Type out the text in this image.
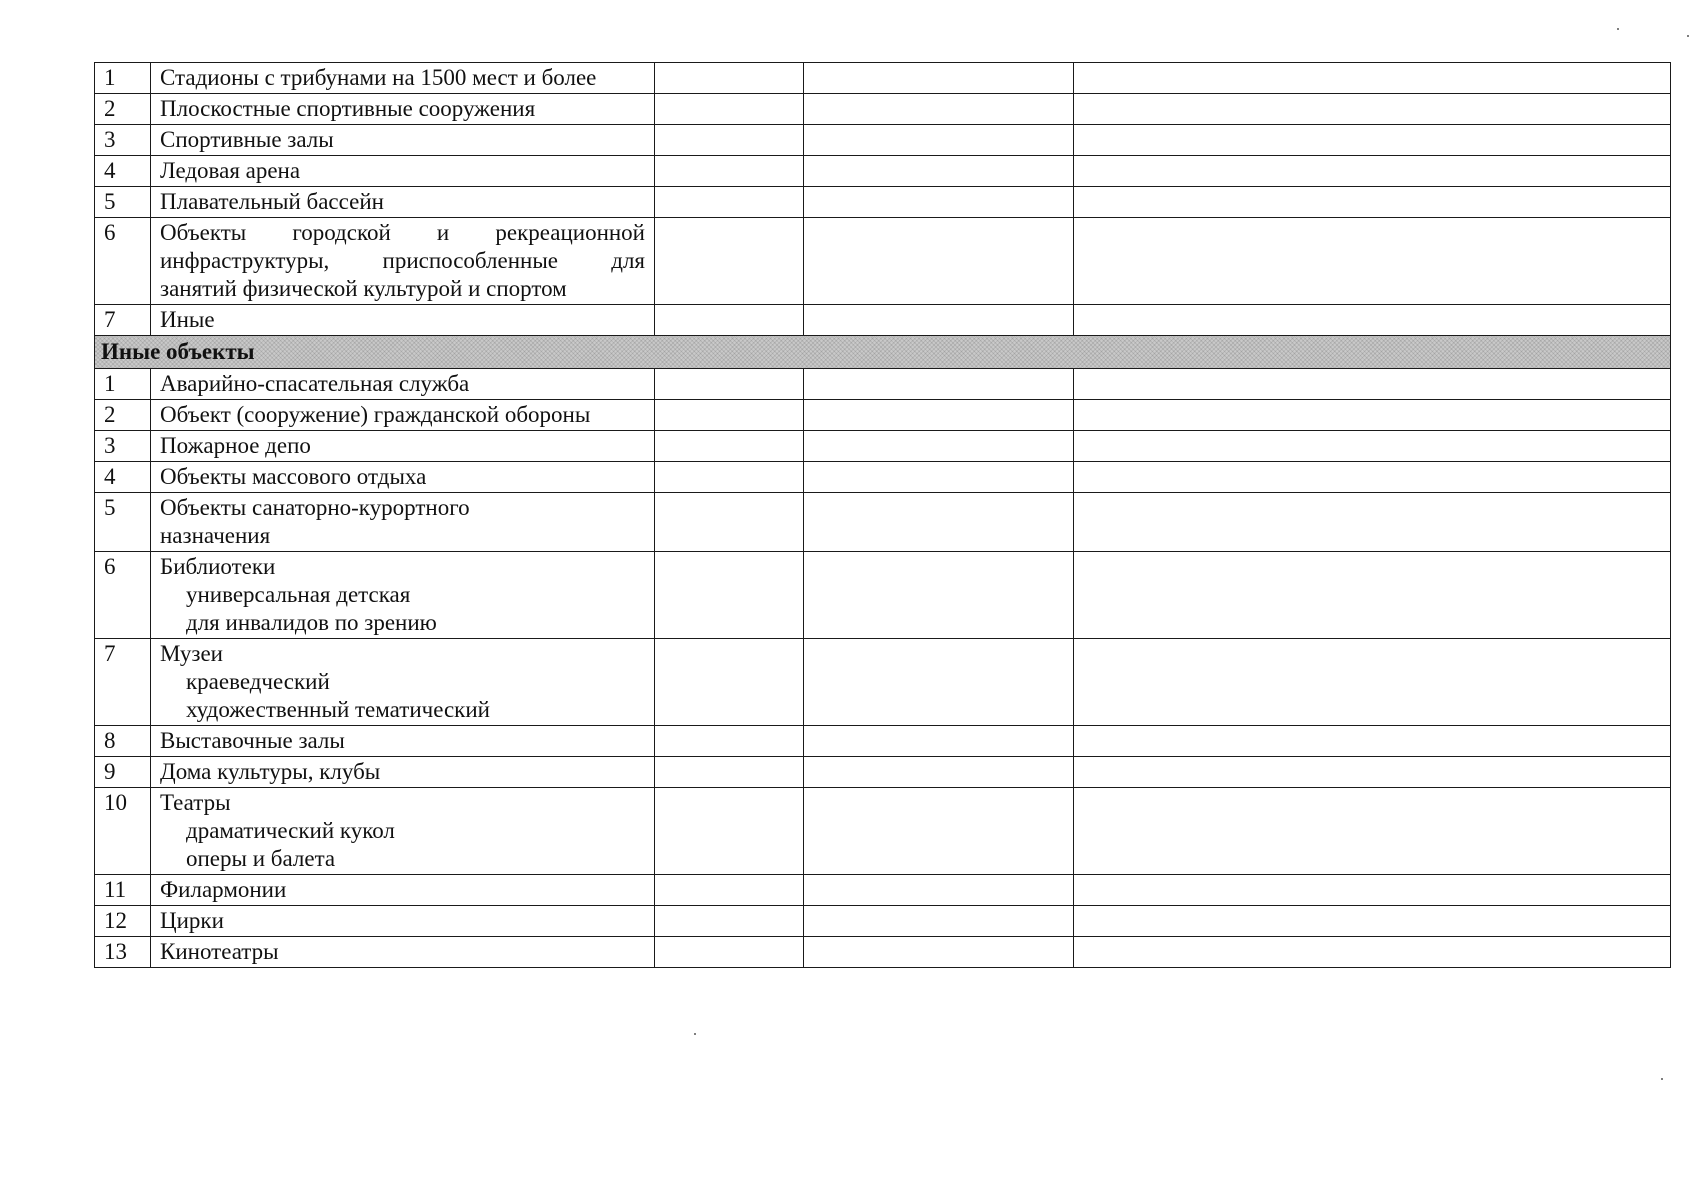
1	Стадионы с трибунами на 1500 мест и более			

2	Плоскостные спортивные сооружения			

3	Спортивные залы			

4	Ледовая арена			

5	Плавательный бассейн			

6	Объекты городской и рекреационной
инфраструктуры, приспособленные для
занятий физической культурой и спортом			

7	Иные			

Иные объекты				
1	Аварийно-спасательная служба			

2	Объект (сооружение) гражданской обороны			

3	Пожарное депо			

4	Объекты массового отдыха			

5	Объекты санаторно-курортного
назначения			

6	Библиотеки
универсальная детская
для инвалидов по зрению			

7	Музеи
краеведческий
художественный тематический			

8	Выставочные залы			

9	Дома культуры, клубы			

10	Театры
драматический кукол
оперы и балета			

11	Филармонии			

12	Цирки			

13	Кинотеатры			
